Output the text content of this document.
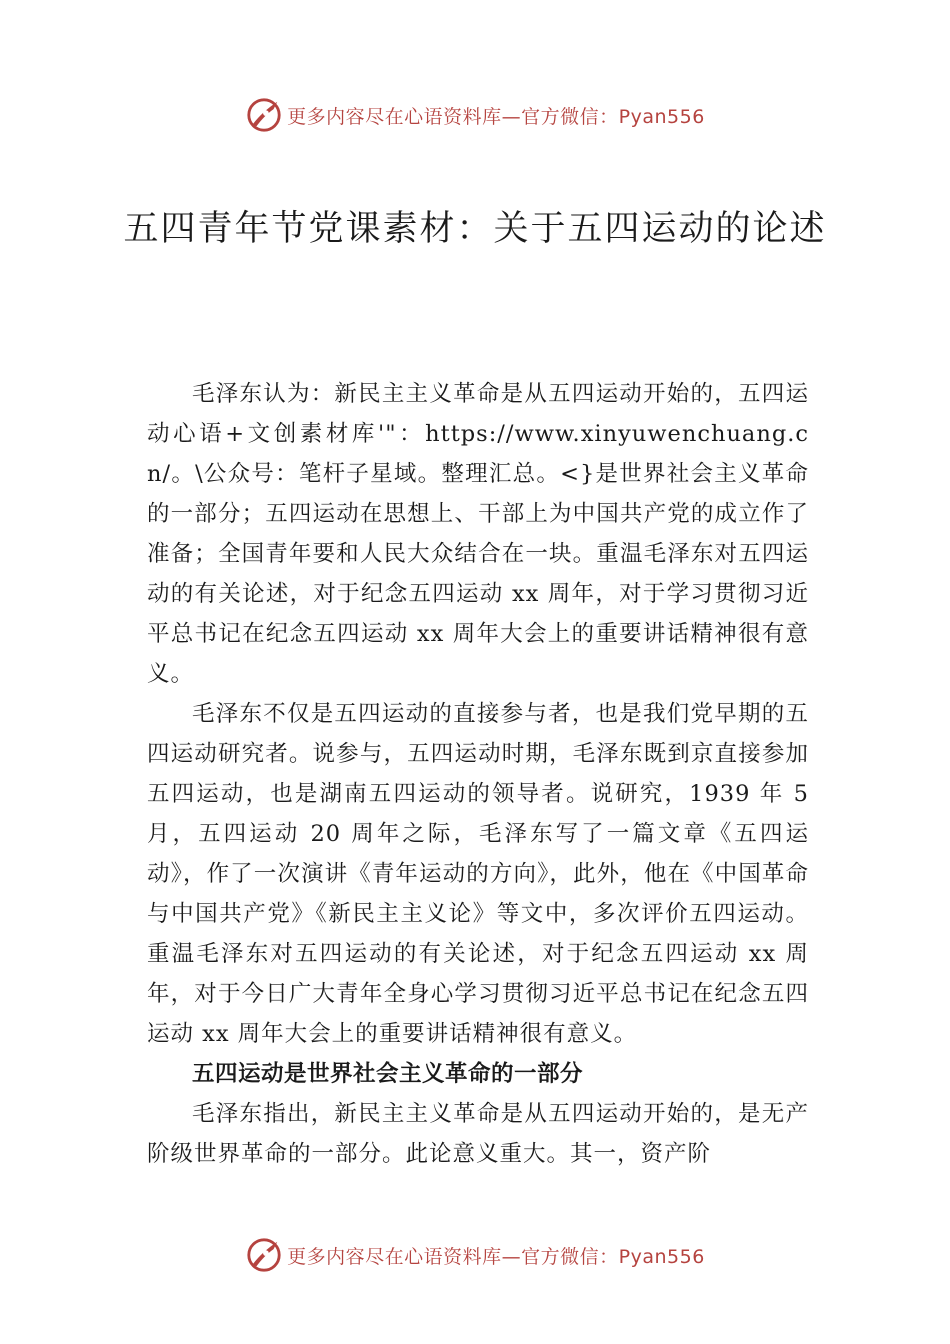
更多内容尽在心语资料库—官方微信：Pyan556
五四青年节党课素材：关于五四运动的论述

毛泽东认为：新民主主义革命是从五四运动开始的，五四运动心语+文创素材库'"：https://www.xinyuwenchuang.cn/。\公众号：笔杆子星域。整理汇总。<}是世界社会主义革命的一部分；五四运动在思想上、干部上为中国共产党的成立作了准备；全国青年要和人民大众结合在一块。重温毛泽东对五四运动的有关论述，对于纪念五四运动 xx 周年，对于学习贯彻习近平总书记在纪念五四运动 xx 周年大会上的重要讲话精神很有意义。

毛泽东不仅是五四运动的直接参与者，也是我们党早期的五四运动研究者。说参与，五四运动时期，毛泽东既到京直接参加五四运动，也是湖南五四运动的领导者。说研究，1939 年 5 月，五四运动 20 周年之际，毛泽东写了一篇文章《五四运动》，作了一次演讲《青年运动的方向》，此外，他在《中国革命与中国共产党》《新民主主义论》等文中，多次评价五四运动。重温毛泽东对五四运动的有关论述，对于纪念五四运动 xx 周年，对于今日广大青年全身心学习贯彻习近平总书记在纪念五四运动 xx 周年大会上的重要讲话精神很有意义。

五四运动是世界社会主义革命的一部分

毛泽东指出，新民主主义革命是从五四运动开始的，是无产阶级世界革命的一部分。此论意义重大。其一，资产阶

更多内容尽在心语资料库—官方微信：Pyan556
